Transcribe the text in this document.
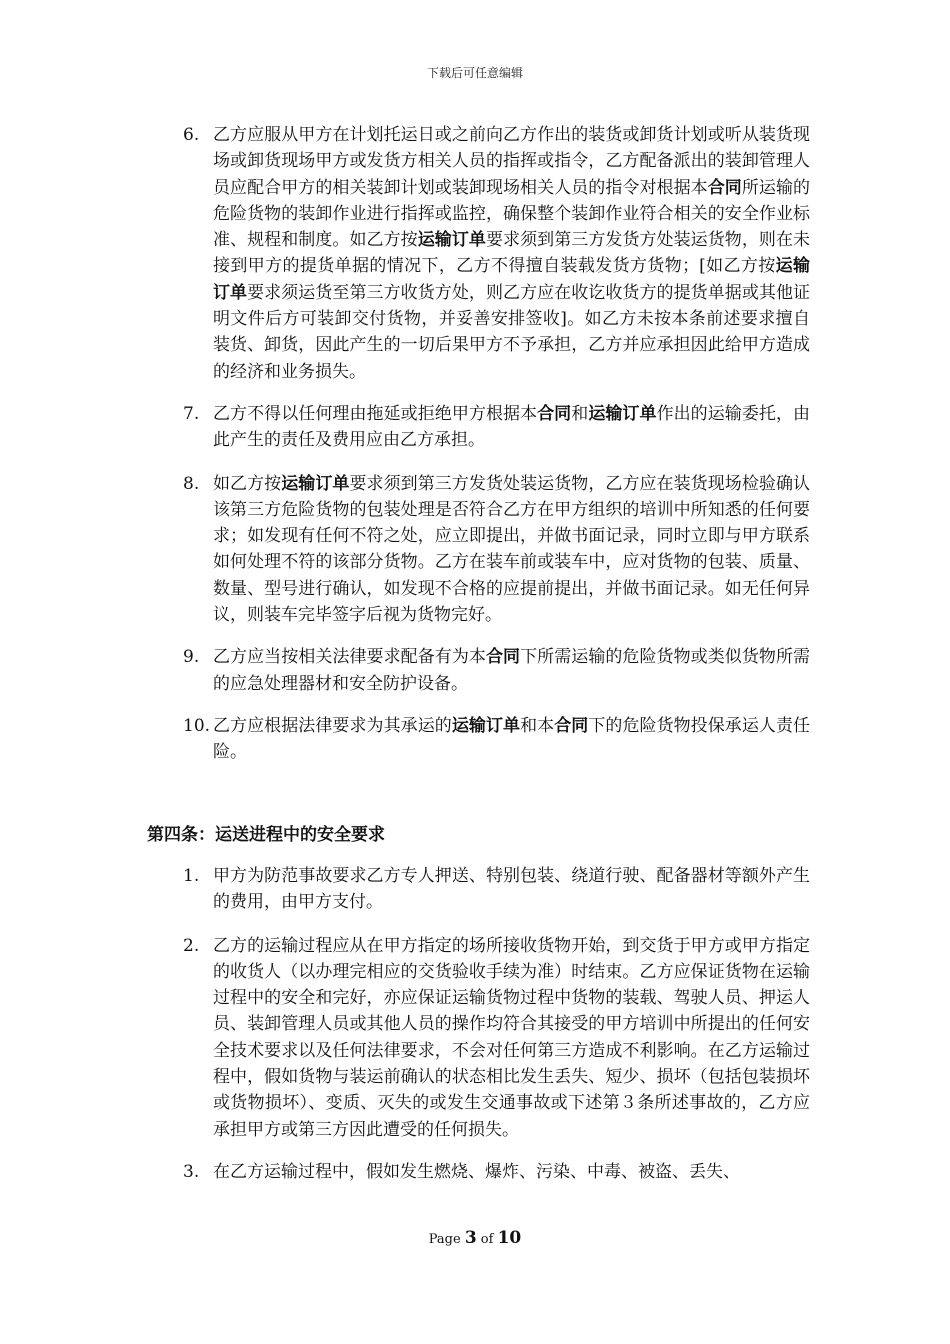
下载后可任意编辑
6. 乙方应服从甲方在计划托运日或之前向乙方作出的装货或卸货计划或听从装货现场或卸货现场甲方或发货方相关人员的指挥或指令，乙方配备派出的装卸管理人员应配合甲方的相关装卸计划或装卸现场相关人员的指令对根据本合同所运输的危险货物的装卸作业进行指挥或监控，确保整个装卸作业符合相关的安全作业标准、规程和制度。如乙方按运输订单要求须到第三方发货方处装运货物，则在未接到甲方的提货单据的情况下，乙方不得擅自装载发货方货物；[如乙方按运输订单要求须运货至第三方收货方处，则乙方应在收讫收货方的提货单据或其他证明文件后方可装卸交付货物，并妥善安排签收]。如乙方未按本条前述要求擅自装货、卸货，因此产生的一切后果甲方不予承担，乙方并应承担因此给甲方造成的经济和业务损失。
7. 乙方不得以任何理由拖延或拒绝甲方根据本合同和运输订单作出的运输委托，由此产生的责任及费用应由乙方承担。
8. 如乙方按运输订单要求须到第三方发货处装运货物，乙方应在装货现场检验确认该第三方危险货物的包装处理是否符合乙方在甲方组织的培训中所知悉的任何要求；如发现有任何不符之处，应立即提出，并做书面记录，同时立即与甲方联系如何处理不符的该部分货物。乙方在装车前或装车中，应对货物的包装、质量、数量、型号进行确认，如发现不合格的应提前提出，并做书面记录。如无任何异议，则装车完毕签字后视为货物完好。
9. 乙方应当按相关法律要求配备有为本合同下所需运输的危险货物或类似货物所需的应急处理器材和安全防护设备。
10. 乙方应根据法律要求为其承运的运输订单和本合同下的危险货物投保承运人责任险。
第四条：运送进程中的安全要求
1. 甲方为防范事故要求乙方专人押送、特别包装、绕道行驶、配备器材等额外产生的费用，由甲方支付。
2. 乙方的运输过程应从在甲方指定的场所接收货物开始，到交货于甲方或甲方指定的收货人（以办理完相应的交货验收手续为准）时结束。乙方应保证货物在运输过程中的安全和完好，亦应保证运输货物过程中货物的装载、驾驶人员、押运人员、装卸管理人员或其他人员的操作均符合其接受的甲方培训中所提出的任何安全技术要求以及任何法律要求，不会对任何第三方造成不利影响。在乙方运输过程中，假如货物与装运前确认的状态相比发生丢失、短少、损坏（包括包装损坏或货物损坏）、变质、灭失的或发生交通事故或下述第３条所述事故的，乙方应承担甲方或第三方因此遭受的任何损失。
3. 在乙方运输过程中，假如发生燃烧、爆炸、污染、中毒、被盗、丢失、
Page 3 of 10
